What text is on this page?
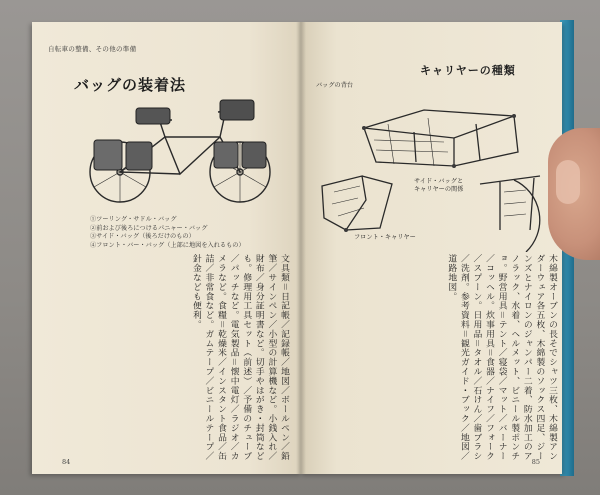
自転車の整備、その他の準備
バッグの装着法
①ツーリング・サドル・バッグ
②前および後ろにつけるパニャー・バッグ
③サイド・バッグ（後ろだけのもの）
④フロント・バー・バッグ（上部に地図を入れるもの）
文具類＝日記帳／記録帳／地図／ボールペン／鉛筆／サインペン／小型の計算機など。小銭入れ／財布／身分証明書など。切手やはがき・封筒なども。修理用工具セット（前述）／予備のチューブ／パッチなど。電気製品＝懐中電灯／ラジオ／カメラなど。食糧＝乾燥米／インスタント食品／缶詰／非常食など。ガムテープ／ビニールテープ／針金なども便利。
84
キャリヤーの種類
バッグの背台
サイド・バッグと
キャリヤーの関係
フロント・キャリヤー
木綿製オーブンの長そでシャツ三枚、木綿製アンダーウェア各五枚、木綿製のソックス四足、ジーンズとナイロンのジャンパー二着、防水加工のアノラック、水着、ヘルメット、ビニール製ポンチョ。野営用具＝テント／寝袋／マット／バーナー／コッヘル。炊事用具＝食器／ナイフ／フォーク／スプーン。日用品＝タオル／石けん／歯ブラシ／洗剤。参考資料＝観光ガイド・ブック／地図／道路地図。
85
